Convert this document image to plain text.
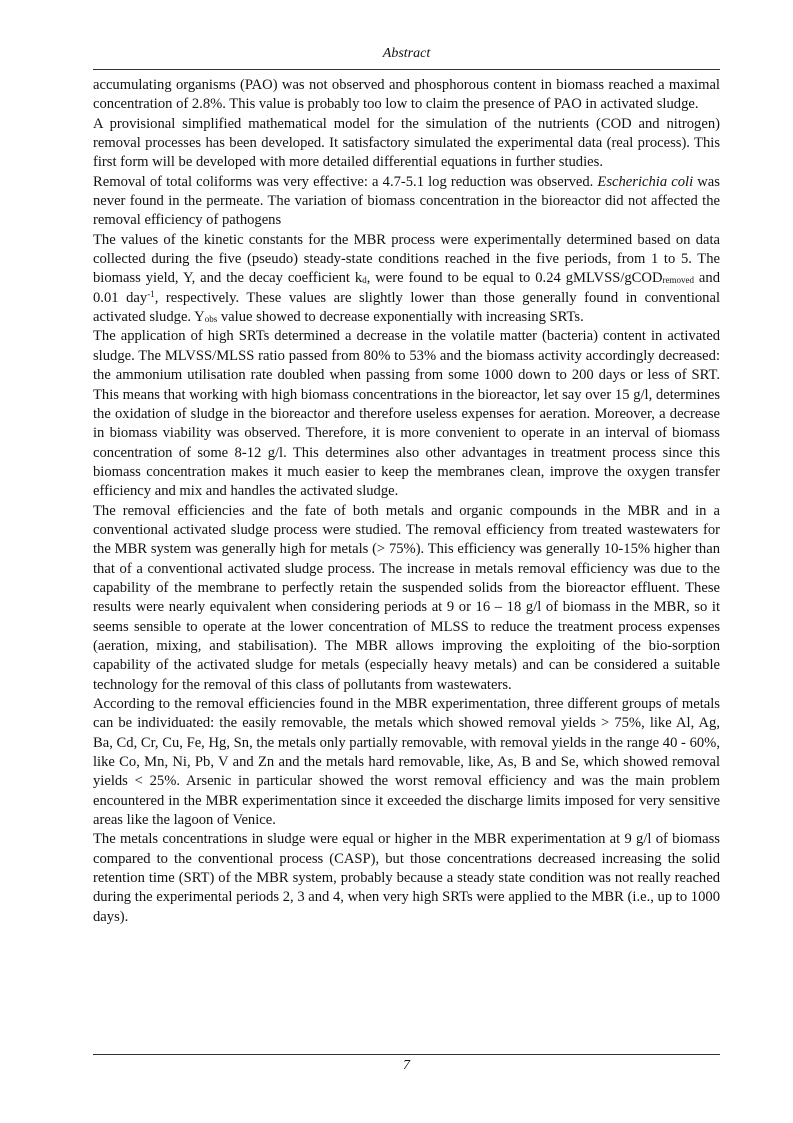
Abstract

accumulating organisms (PAO) was not observed and phosphorous content in biomass reached a maximal concentration of 2.8%. This value is probably too low to claim the presence of PAO in activated sludge.

A provisional simplified mathematical model for the simulation of the nutrients (COD and nitrogen) removal processes has been developed. It satisfactory simulated the experimental data (real process). This first form will be developed with more detailed differential equations in further studies.

Removal of total coliforms was very effective: a 4.7-5.1 log reduction was observed. Escherichia coli was never found in the permeate. The variation of biomass concentration in the bioreactor did not affected the removal efficiency of pathogens

The values of the kinetic constants for the MBR process were experimentally determined based on data collected during the five (pseudo) steady-state conditions reached in the five periods, from 1 to 5. The biomass yield, Y, and the decay coefficient $k_d$, were found to be equal to 0.24 gMLVSS/gCOD$_{removed}$ and 0.01 day$^{-1}$, respectively. These values are slightly lower than those generally found in conventional activated sludge. $Y_{obs}$ value showed to decrease exponentially with increasing SRTs.

The application of high SRTs determined a decrease in the volatile matter (bacteria) content in activated sludge. The MLVSS/MLSS ratio passed from 80% to 53% and the biomass activity accordingly decreased: the ammonium utilisation rate doubled when passing from some 1000 down to 200 days or less of SRT. This means that working with high biomass concentrations in the bioreactor, let say over 15 g/l, determines the oxidation of sludge in the bioreactor and therefore useless expenses for aeration. Moreover, a decrease in biomass viability was observed. Therefore, it is more convenient to operate in an interval of biomass concentration of some 8-12 g/l. This determines also other advantages in treatment process since this biomass concentration makes it much easier to keep the membranes clean, improve the oxygen transfer efficiency and mix and handles the activated sludge.

The removal efficiencies and the fate of both metals and organic compounds in the MBR and in a conventional activated sludge process were studied. The removal efficiency from treated wastewaters for the MBR system was generally high for metals (> 75%). This efficiency was generally 10-15% higher than that of a conventional activated sludge process. The increase in metals removal efficiency was due to the capability of the membrane to perfectly retain the suspended solids from the bioreactor effluent. These results were nearly equivalent when considering periods at 9 or 16 – 18 g/l of biomass in the MBR, so it seems sensible to operate at the lower concentration of MLSS to reduce the treatment process expenses (aeration, mixing, and stabilisation). The MBR allows improving the exploiting of the bio-sorption capability of the activated sludge for metals (especially heavy metals) and can be considered a suitable technology for the removal of this class of pollutants from wastewaters.

According to the removal efficiencies found in the MBR experimentation, three different groups of metals can be individuated: the easily removable, the metals which showed removal yields > 75%, like Al, Ag, Ba, Cd, Cr, Cu, Fe, Hg, Sn, the metals only partially removable, with removal yields in the range 40 - 60%, like Co, Mn, Ni, Pb, V and Zn and the metals hard removable, like, As, B and Se, which showed removal yields < 25%. Arsenic in particular showed the worst removal efficiency and was the main problem encountered in the MBR experimentation since it exceeded the discharge limits imposed for very sensitive areas like the lagoon of Venice.

The metals concentrations in sludge were equal or higher in the MBR experimentation at 9 g/l of biomass compared to the conventional process (CASP), but those concentrations decreased increasing the solid retention time (SRT) of the MBR system, probably because a steady state condition was not really reached during the experimental periods 2, 3 and 4, when very high SRTs were applied to the MBR (i.e., up to 1000 days).

7
